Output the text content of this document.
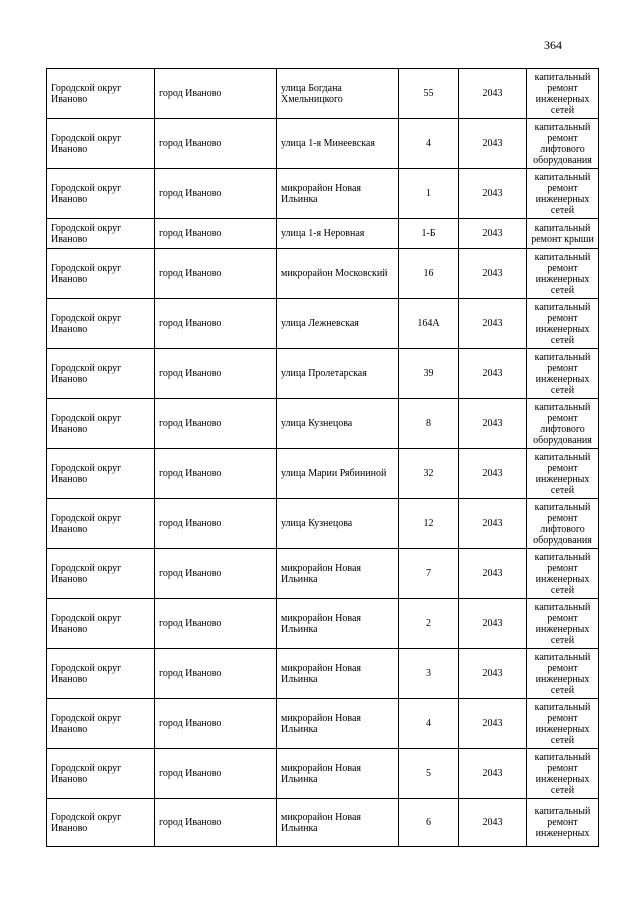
364
Городской округ Иваново	город Иваново	улица Богдана Хмельницкого	55	2043	капитальный ремонт инженерных сетей
Городской округ Иваново	город Иваново	улица 1-я Минеевская	4	2043	капитальный ремонт лифтового оборудования
Городской округ Иваново	город Иваново	микрорайон Новая Ильинка	1	2043	капитальный ремонт инженерных сетей
Городской округ Иваново	город Иваново	улица 1-я Неровная	1-Б	2043	капитальный ремонт крыши
Городской округ Иваново	город Иваново	микрорайон Московский	16	2043	капитальный ремонт инженерных сетей
Городской округ Иваново	город Иваново	улица Лежневская	164А	2043	капитальный ремонт инженерных сетей
Городской округ Иваново	город Иваново	улица Пролетарская	39	2043	капитальный ремонт инженерных сетей
Городской округ Иваново	город Иваново	улица Кузнецова	8	2043	капитальный ремонт лифтового оборудования
Городской округ Иваново	город Иваново	улица Марии Рябининой	32	2043	капитальный ремонт инженерных сетей
Городской округ Иваново	город Иваново	улица Кузнецова	12	2043	капитальный ремонт лифтового оборудования
Городской округ Иваново	город Иваново	микрорайон Новая Ильинка	7	2043	капитальный ремонт инженерных сетей
Городской округ Иваново	город Иваново	микрорайон Новая Ильинка	2	2043	капитальный ремонт инженерных сетей
Городской округ Иваново	город Иваново	микрорайон Новая Ильинка	3	2043	капитальный ремонт инженерных сетей
Городской округ Иваново	город Иваново	микрорайон Новая Ильинка	4	2043	капитальный ремонт инженерных сетей
Городской округ Иваново	город Иваново	микрорайон Новая Ильинка	5	2043	капитальный ремонт инженерных сетей
Городской округ Иваново	город Иваново	микрорайон Новая Ильинка	6	2043	капитальный ремонт инженерных
